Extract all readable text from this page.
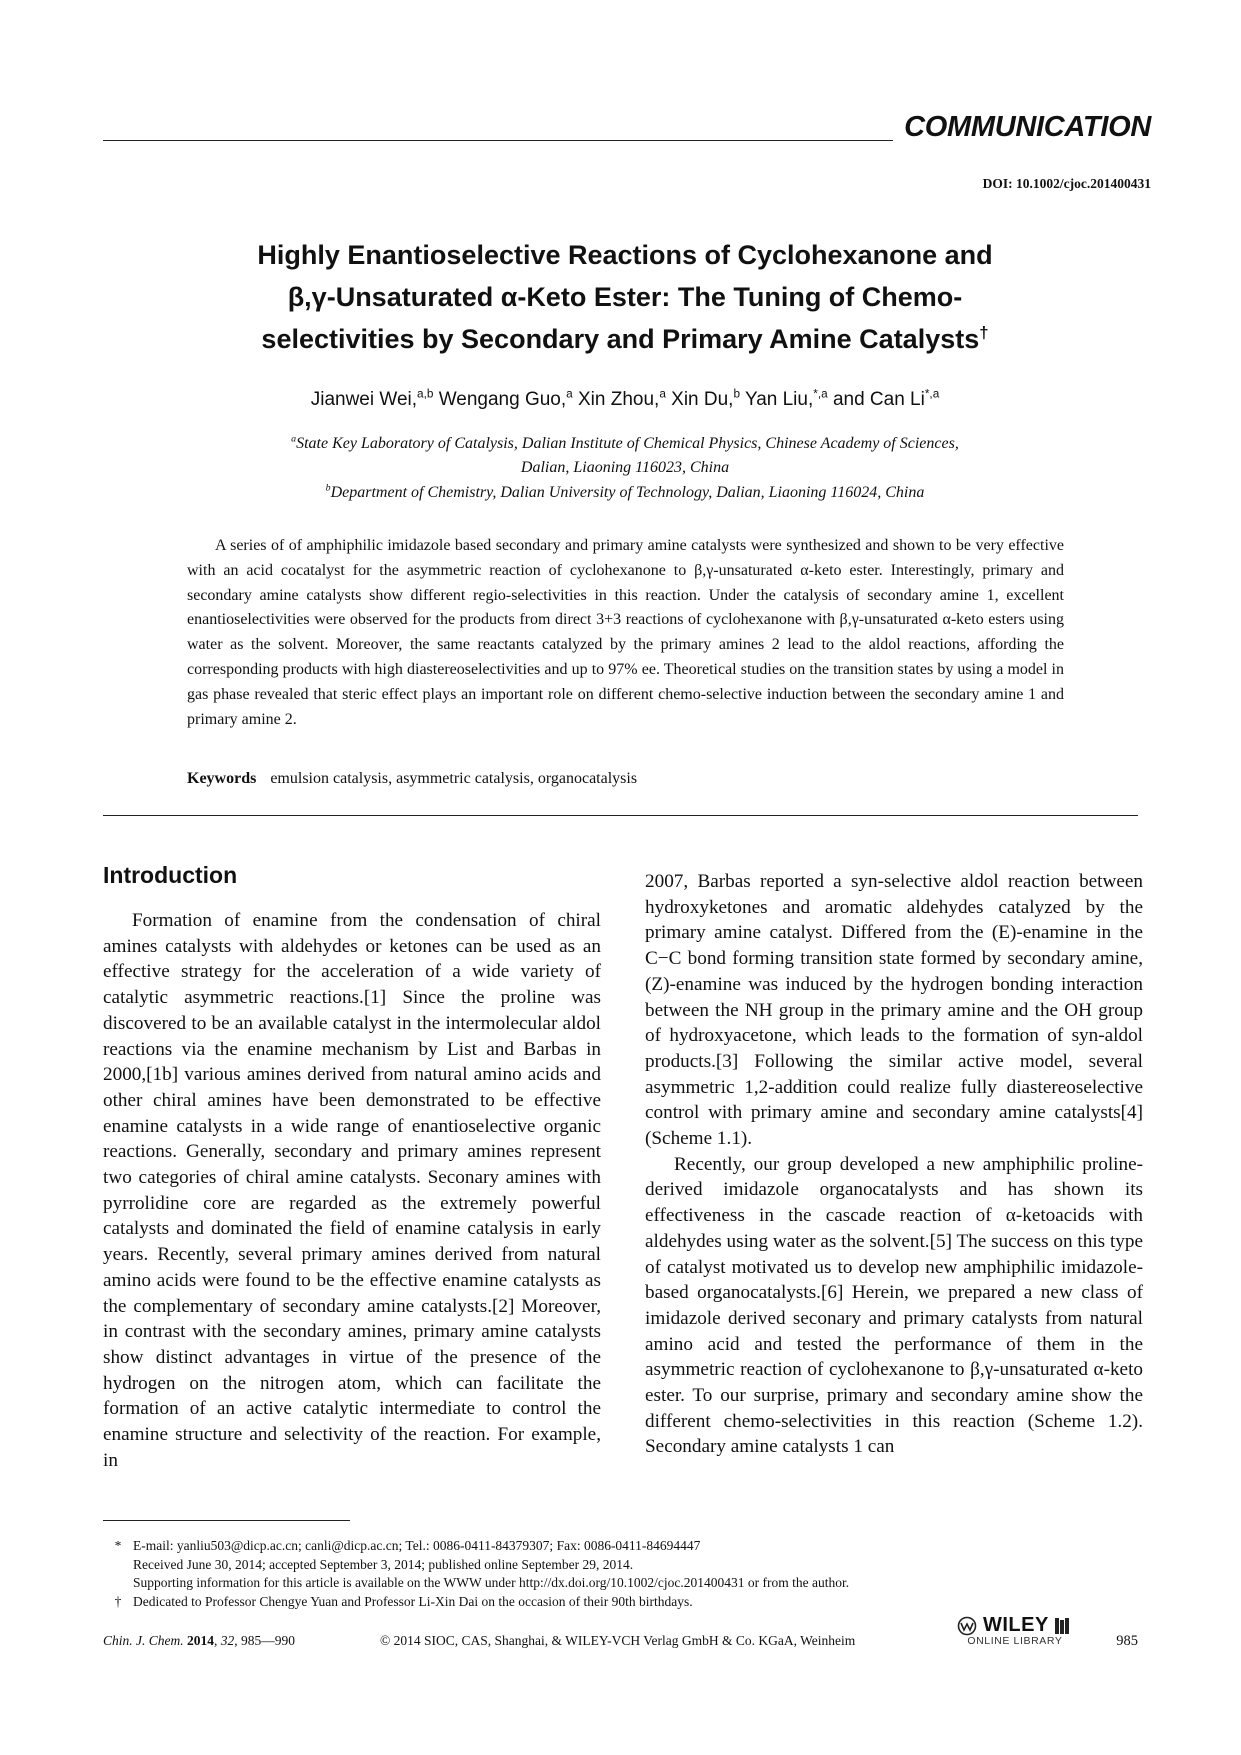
COMMUNICATION
DOI: 10.1002/cjoc.201400431
Highly Enantioselective Reactions of Cyclohexanone and
β,γ-Unsaturated α-Keto Ester: The Tuning of Chemo-
selectivities by Secondary and Primary Amine Catalysts†
Jianwei Wei,$^{a,b}$ Wengang Guo,$^a$ Xin Zhou,$^a$ Xin Du,$^b$ Yan Liu,$^{*,a}$ and Can $Li^{*,a}$
$^a$State Key Laboratory of Catalysis, Dalian Institute of Chemical Physics, Chinese Academy of Sciences,
Dalian, Liaoning 116023, China
$^b$Department of Chemistry, Dalian University of Technology, Dalian, Liaoning 116024, China
A series of of amphiphilic imidazole based secondary and primary amine catalysts were synthesized and shown to be very effective with an acid cocatalyst for the asymmetric reaction of cyclohexanone to β,γ-unsaturated α-keto ester. Interestingly, primary and secondary amine catalysts show different regio-selectivities in this reaction. Under the catalysis of secondary amine 1, excellent enantioselectivities were observed for the products from direct 3+3 reactions of cyclohexanone with β,γ-unsaturated α-keto esters using water as the solvent. Moreover, the same reactants catalyzed by the primary amines 2 lead to the aldol reactions, affording the corresponding products with high diastereoselectivities and up to 97% ee. Theoretical studies on the transition states by using a model in gas phase revealed that steric effect plays an important role on different chemo-selective induction between the secondary amine 1 and primary amine 2.
Keywords emulsion catalysis, asymmetric catalysis, organocatalysis
Introduction

Formation of enamine from the condensation of chiral amines catalysts with aldehydes or ketones can be used as an effective strategy for the acceleration of a wide variety of catalytic asymmetric reactions.[1] Since the proline was discovered to be an available catalyst in the intermolecular aldol reactions via the enamine mechanism by List and Barbas in 2000,[1b] various amines derived from natural amino acids and other chiral amines have been demonstrated to be effective enamine catalysts in a wide range of enantioselective organic reactions. Generally, secondary and primary amines represent two categories of chiral amine catalysts. Seconary amines with pyrrolidine core are regarded as the extremely powerful catalysts and dominated the field of enamine catalysis in early years. Recently, several primary amines derived from natural amino acids were found to be the effective enamine catalysts as the complementary of secondary amine catalysts.[2] Moreover, in contrast with the secondary amines, primary amine catalysts show distinct advantages in virtue of the presence of the hydrogen on the nitrogen atom, which can facilitate the formation of an active catalytic intermediate to control the enamine structure and selectivity of the reaction. For example, in

2007, Barbas reported a syn-selective aldol reaction between hydroxyketones and aromatic aldehydes catalyzed by the primary amine catalyst. Differed from the (E)-enamine in the C−C bond forming transition state formed by secondary amine, (Z)-enamine was induced by the hydrogen bonding interaction between the NH group in the primary amine and the OH group of hydroxyacetone, which leads to the formation of syn-aldol products.[3] Following the similar active model, several asymmetric 1,2-addition could realize fully diastereoselective control with primary amine and secondary amine catalysts[4] (Scheme 1.1).

Recently, our group developed a new amphiphilic proline-derived imidazole organocatalysts and has shown its effectiveness in the cascade reaction of α-ketoacids with aldehydes using water as the solvent.[5] The success on this type of catalyst motivated us to develop new amphiphilic imidazole-based organocatalysts.[6] Herein, we prepared a new class of imidazole derived seconary and primary catalysts from natural amino acid and tested the performance of them in the asymmetric reaction of cyclohexanone to β,γ-unsaturated α-keto ester. To our surprise, primary and secondary amine show the different chemo-selectivities in this reaction (Scheme 1.2). Secondary amine catalysts 1 can

* E-mail: yanliu503@dicp.ac.cn; canli@dicp.ac.cn; Tel.: 0086-0411-84379307; Fax: 0086-0411-84694447
Received June 30, 2014; accepted September 3, 2014; published online September 29, 2014.
Supporting information for this article is available on the WWW under http://dx.doi.org/10.1002/cjoc.201400431 or from the author.
† Dedicated to Professor Chengye Yuan and Professor Li-Xin Dai on the occasion of their 90th birthdays.
Chin. J. Chem. 2014, 32, 985—990	© 2014 SIOC, CAS, Shanghai, & WILEY-VCH Verlag GmbH & Co. KGaA, Weinheim
WILEY
ONLINE LIBRARY	985
